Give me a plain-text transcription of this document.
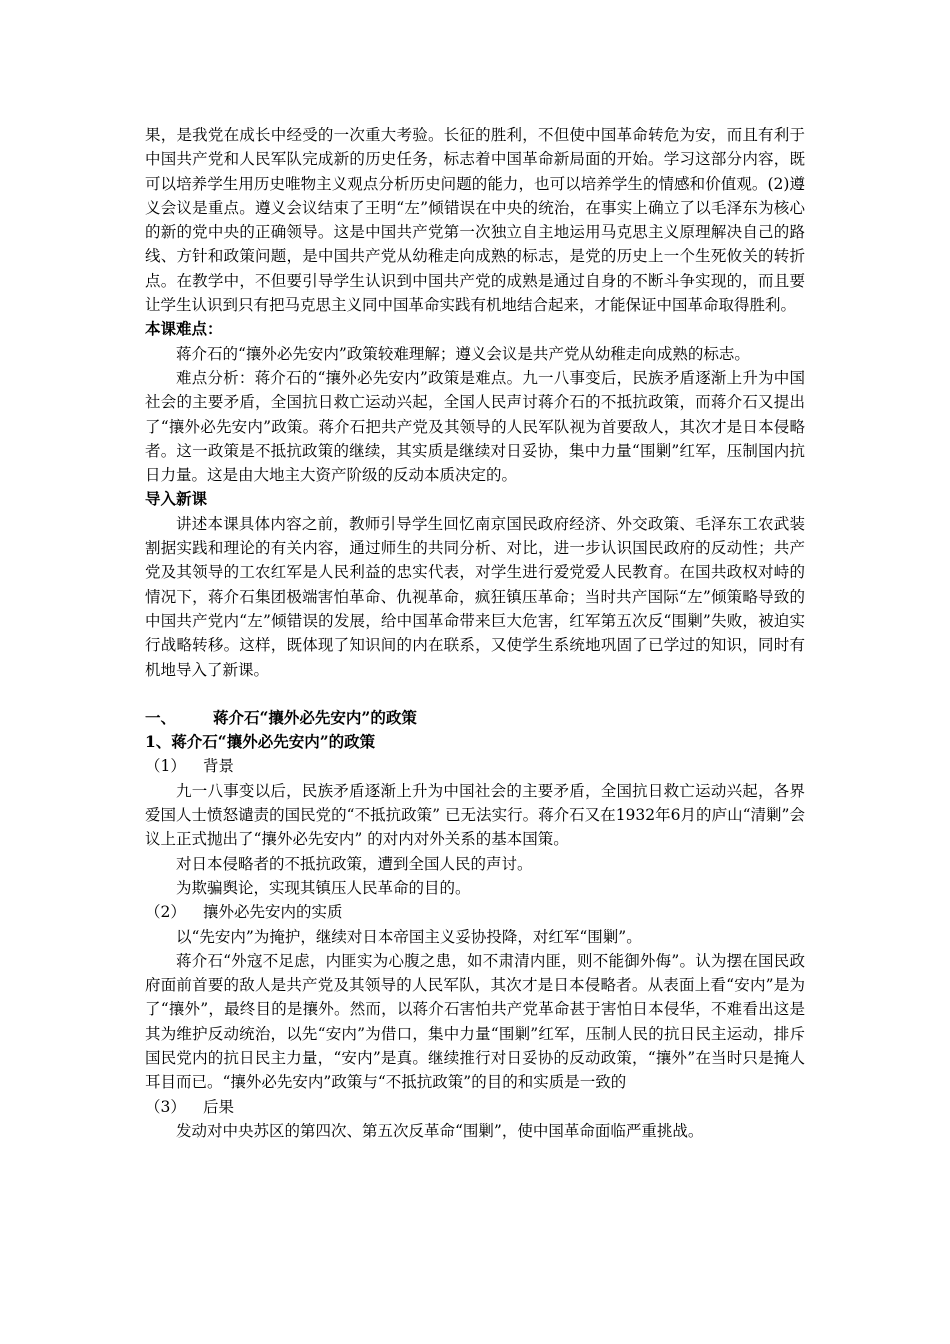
果，是我党在成长中经受的一次重大考验。长征的胜利，不但使中国革命转危为安，而且有利于中国共产党和人民军队完成新的历史任务，标志着中国革命新局面的开始。学习这部分内容，既可以培养学生用历史唯物主义观点分析历史问题的能力，也可以培养学生的情感和价值观。(2)遵义会议是重点。遵义会议结束了王明“左”倾错误在中央的统治，在事实上确立了以毛泽东为核心的新的党中央的正确领导。这是中国共产党第一次独立自主地运用马克思主义原理解决自己的路线、方针和政策问题，是中国共产党从幼稚走向成熟的标志，是党的历史上一个生死攸关的转折点。在教学中，不但要引导学生认识到中国共产党的成熟是通过自身的不断斗争实现的，而且要让学生认识到只有把马克思主义同中国革命实践有机地结合起来，才能保证中国革命取得胜利。

本课难点：

蒋介石的“攘外必先安内”政策较难理解；遵义会议是共产党从幼稚走向成熟的标志。

难点分析：蒋介石的“攘外必先安内”政策是难点。九一八事变后，民族矛盾逐渐上升为中国社会的主要矛盾，全国抗日救亡运动兴起，全国人民声讨蒋介石的不抵抗政策，而蒋介石又提出了“攘外必先安内”政策。蒋介石把共产党及其领导的人民军队视为首要敌人，其次才是日本侵略者。这一政策是不抵抗政策的继续，其实质是继续对日妥协，集中力量“围剿”红军，压制国内抗日力量。这是由大地主大资产阶级的反动本质决定的。

导入新课

讲述本课具体内容之前，教师引导学生回忆南京国民政府经济、外交政策、毛泽东工农武装割据实践和理论的有关内容，通过师生的共同分析、对比，进一步认识国民政府的反动性；共产党及其领导的工农红军是人民利益的忠实代表，对学生进行爱党爱人民教育。在国共政权对峙的情况下，蒋介石集团极端害怕革命、仇视革命，疯狂镇压革命；当时共产国际“左”倾策略导致的中国共产党内“左”倾错误的发展，给中国革命带来巨大危害，红军第五次反“围剿”失败，被迫实行战略转移。这样，既体现了知识间的内在联系，又使学生系统地巩固了已学过的知识，同时有机地导入了新课。

一、	蒋介石“攘外必先安内”的政策

1、蒋介石“攘外必先安内”的政策

（1）	背景

九一八事变以后，民族矛盾逐渐上升为中国社会的主要矛盾，全国抗日救亡运动兴起，各界爱国人士愤怒谴责的国民党的“不抵抗政策” 已无法实行。蒋介石又在1932年6月的庐山“清剿”会议上正式抛出了“攘外必先安内” 的对内对外关系的基本国策。

对日本侵略者的不抵抗政策，遭到全国人民的声讨。

为欺骗舆论，实现其镇压人民革命的目的。

（2）	攘外必先安内的实质

以“先安内”为掩护，继续对日本帝国主义妥协投降，对红军“围剿”。

蒋介石“外寇不足虑，内匪实为心腹之患，如不肃清内匪，则不能御外侮”。认为摆在国民政府面前首要的敌人是共产党及其领导的人民军队，其次才是日本侵略者。从表面上看“安内”是为了“攘外”，最终目的是攘外。然而，以蒋介石害怕共产党革命甚于害怕日本侵华，不难看出这是其为维护反动统治，以先“安内”为借口，集中力量“围剿”红军，压制人民的抗日民主运动，排斥国民党内的抗日民主力量，“安内”是真。继续推行对日妥协的反动政策，“攘外”在当时只是掩人耳目而已。“攘外必先安内”政策与“不抵抗政策”的目的和实质是一致的

（3）	后果

发动对中央苏区的第四次、第五次反革命“围剿”，使中国革命面临严重挑战。
